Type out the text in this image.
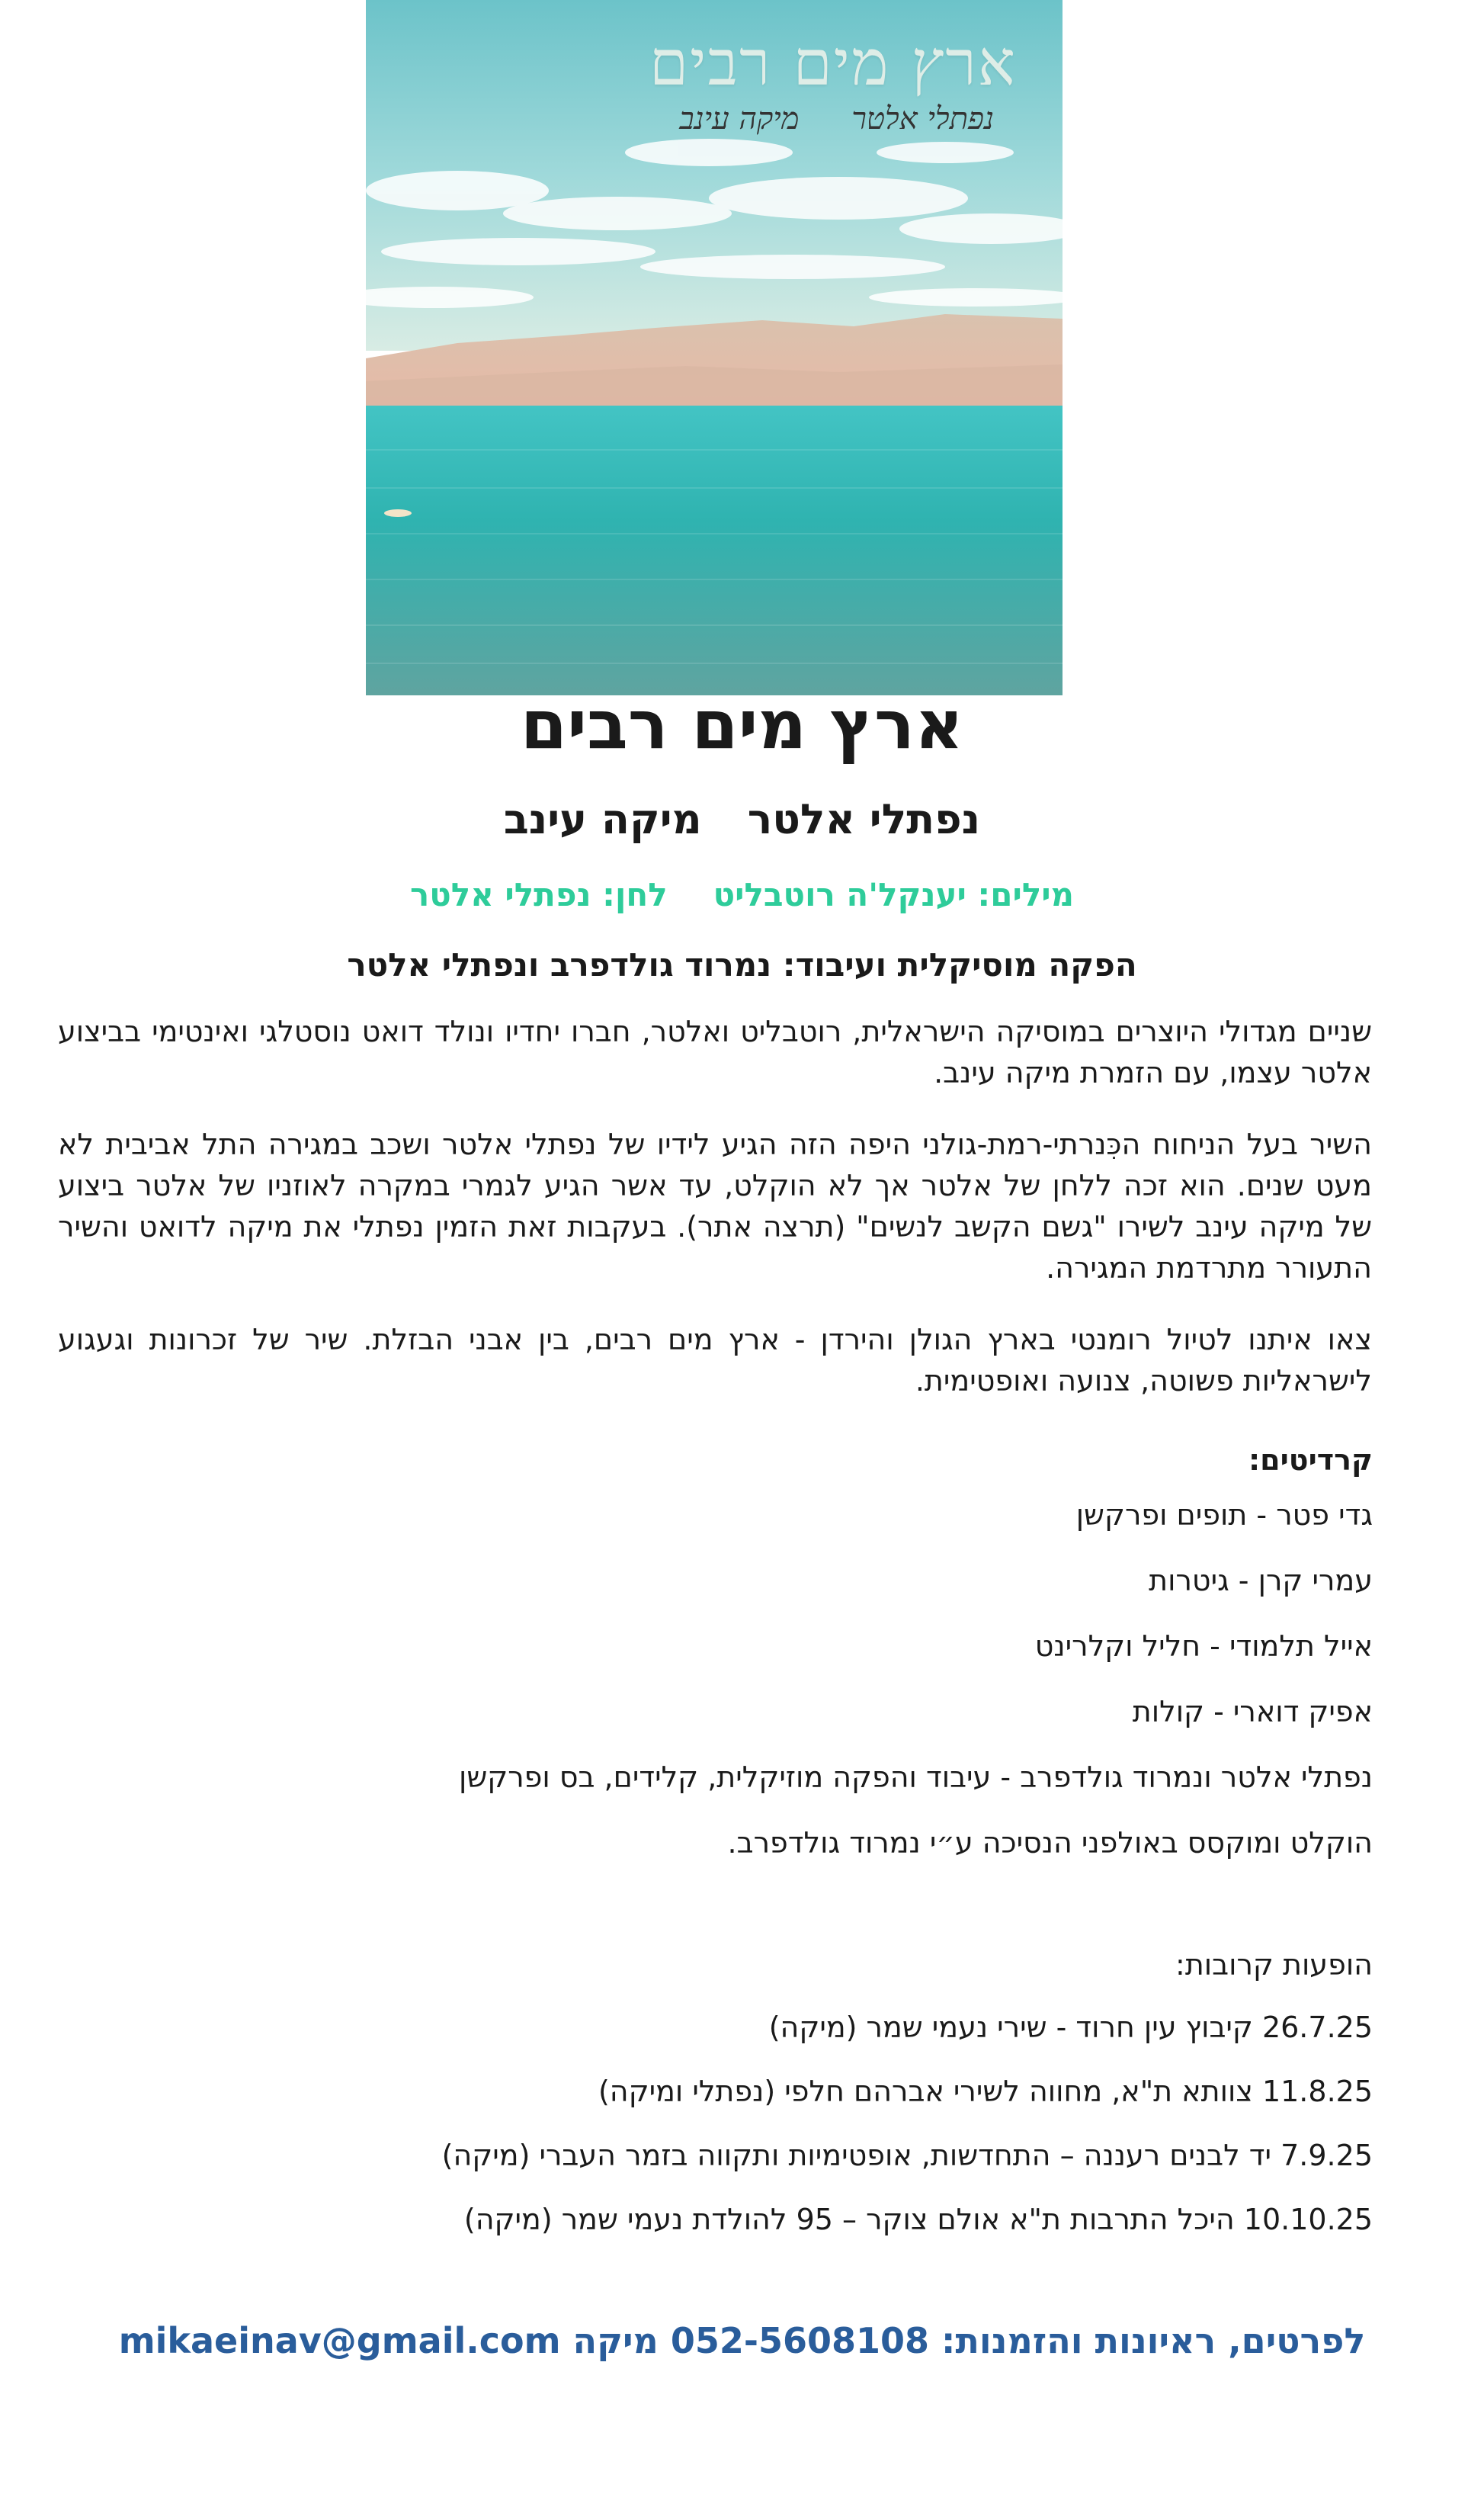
ארץ מים רבים
נפתלי אלטר מיקה עינב
ארץ מים רבים
נפתלי אלטרמיקה עינב
מילים: יענקל'ה רוטבליטלחן: נפתלי אלטר
הפקה מוסיקלית ועיבוד: נמרוד גולדפרב ונפתלי אלטר

שניים מגדולי היוצרים במוסיקה הישראלית, רוטבליט ואלטר, חברו יחדיו ונולד דואט נוסטלגי ואינטימי בביצוע אלטר עצמו, עם הזמרת מיקה עינב.

השיר בעל הניחוח הכִּנרתי-רמת-גולני היפה הזה הגיע לידיו של נפתלי אלטר ושכב במגירה התל אביבית לא מעט שנים. הוא זכה ללחן של אלטר אך לא הוקלט, עד אשר הגיע לגמרי במקרה לאוזניו של אלטר ביצוע של מיקה עינב לשירו "גשם הקשב לנשים" (תרצה אתר). בעקבות זאת הזמין נפתלי את מיקה לדואט והשיר התעורר מתרדמת המגירה.

צאו איתנו לטיול רומנטי בארץ הגולן והירדן - ארץ מים רבים, בין אבני הבזלת. שיר של זכרונות וגעגוע לישראליות פשוטה, צנועה ואופטימית.

קרדיטים:
גדי פטר - תופים ופרקשן
עמרי קרן - גיטרות
אייל תלמודי - חליל וקלרינט
אפיק דוארי - קולות
נפתלי אלטר ונמרוד גולדפרב - עיבוד והפקה מוזיקלית, קלידים, בס ופרקשן
הוקלט ומוקסס באולפני הנסיכה ע״י נמרוד גולדפרב.
הופעות קרובות:
26.7.25 קיבוץ עין חרוד - שירי נעמי שמר (מיקה)
11.8.25 צוותא ת"א, מחווה לשירי אברהם חלפי (נפתלי ומיקה)
7.9.25 יד לבנים רעננה – התחדשות, אופטימיות ותקווה בזמר העברי (מיקה)
10.10.25 היכל התרבות ת"א אולם צוקר – 95 להולדת נעמי שמר (מיקה)
לפרטים, ראיונות והזמנות: 052-5608108 מיקה mikaeinav@gmail.com
